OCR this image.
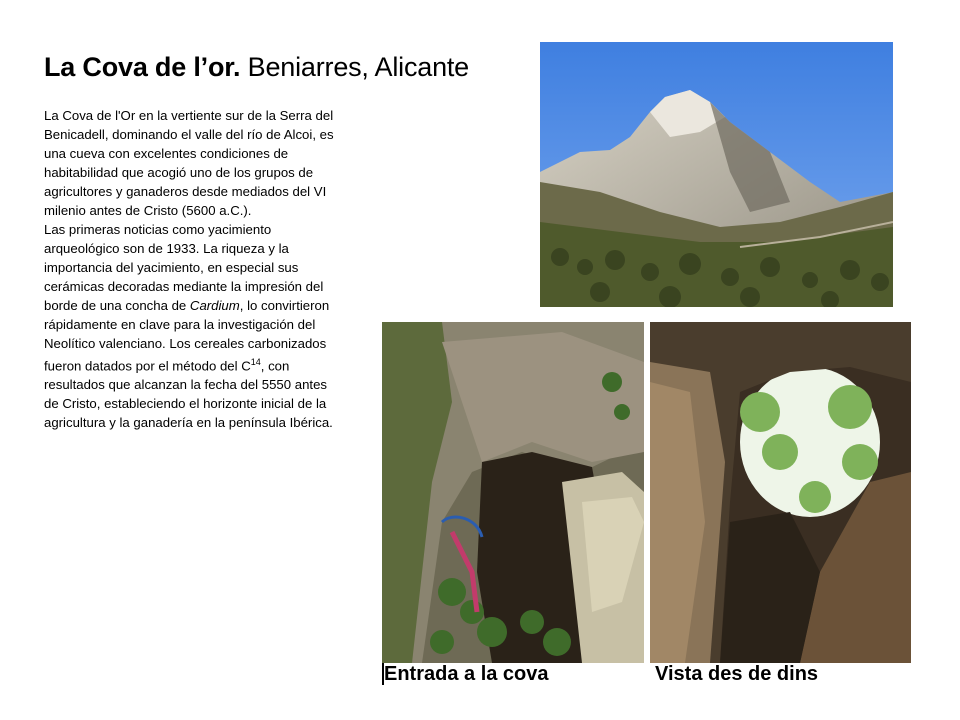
La Cova de l’or. Beniarres, Alicante

La Cova de l'Or en la vertiente sur de la Serra del Benicadell, dominando el valle del río de Alcoi, es una cueva con excelentes condiciones de habitabilidad que acogió uno de los grupos de agricultores y ganaderos desde mediados del VI milenio antes de Cristo (5600 a.C.).

Las primeras noticias como yacimiento arqueológico son de 1933. La riqueza y la importancia del yacimiento, en especial sus cerámicas decoradas mediante la impresión del borde de una concha de Cardium, lo convirtieron rápidamente en clave para la investigación del Neolítico valenciano. Los cereales carbonizados fueron datados por el método del $C^{14}$, con resultados que alcanzan la fecha del 5550 antes de Cristo, estableciendo el horizonte inicial de la agricultura y la ganadería en la península Ibérica.

Entrada a la cova	Vista des de dins
